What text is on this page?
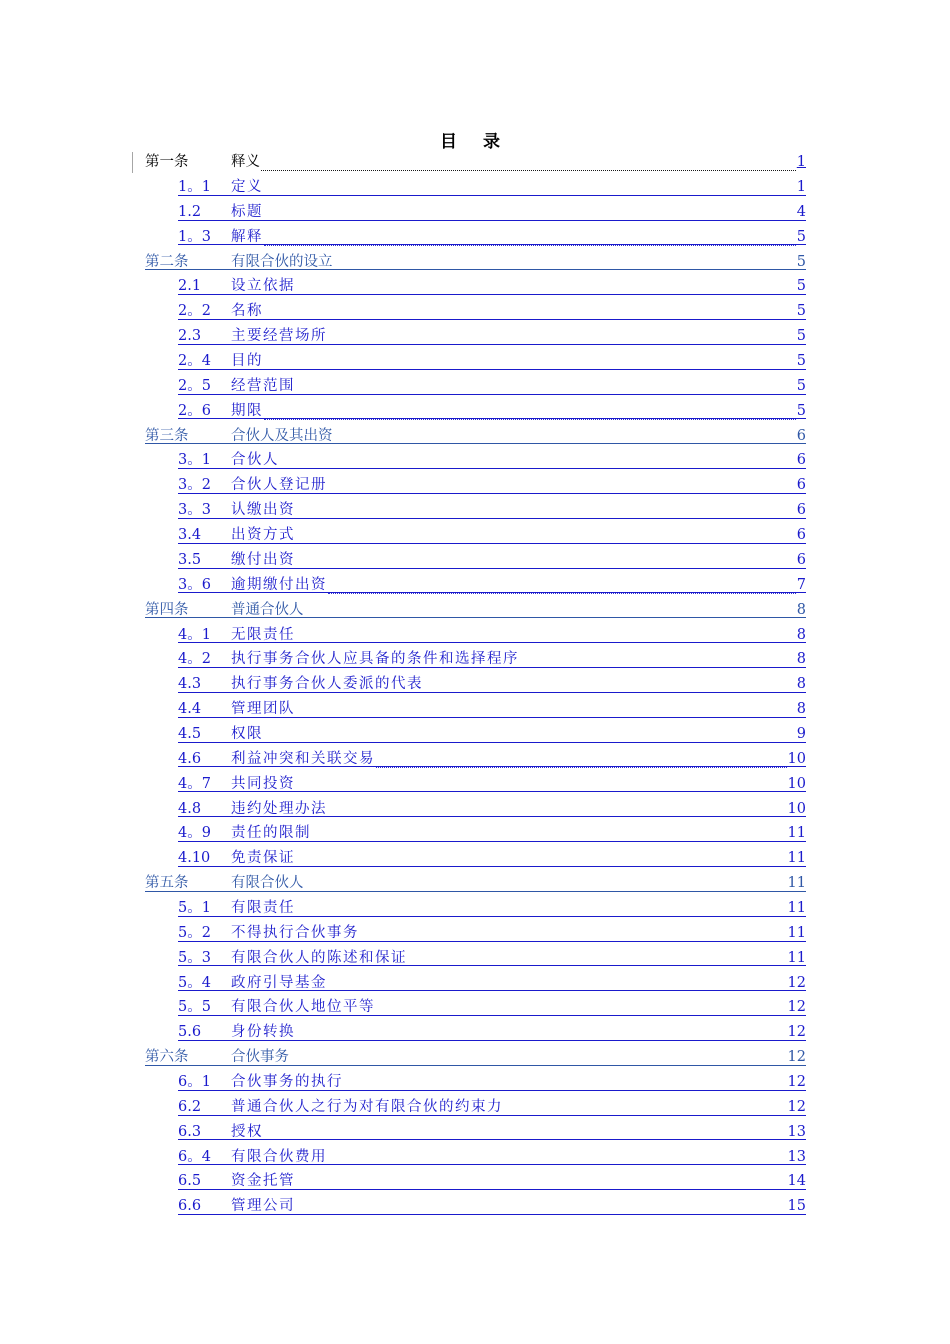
目 录
第一条	释义	1
1。1	定义	1
1.2	标题	4
1。3	解释	5
第二条	有限合伙的设立	5
2.1	设立依据	5
2。2	名称	5
2.3	主要经营场所	5
2。4	目的	5
2。5	经营范围	5
2。6	期限	5
第三条	合伙人及其出资	6
3。1	合伙人	6
3。2	合伙人登记册	6
3。3	认缴出资	6
3.4	出资方式	6
3.5	缴付出资	6
3。6	逾期缴付出资	7
第四条	普通合伙人	8
4。1	无限责任	8
4。2	执行事务合伙人应具备的条件和选择程序	8
4.3	执行事务合伙人委派的代表	8
4.4	管理团队	8
4.5	权限	9
4.6	利益冲突和关联交易	10
4。7	共同投资	10
4.8	违约处理办法	10
4。9	责任的限制	11
4.10	免责保证	11
第五条	有限合伙人	11
5。1	有限责任	11
5。2	不得执行合伙事务	11
5。3	有限合伙人的陈述和保证	11
5。4	政府引导基金	12
5。5	有限合伙人地位平等	12
5.6	身份转换	12
第六条	合伙事务	12
6。1	合伙事务的执行	12
6.2	普通合伙人之行为对有限合伙的约束力	12
6.3	授权	13
6。4	有限合伙费用	13
6.5	资金托管	14
6.6	管理公司	15
